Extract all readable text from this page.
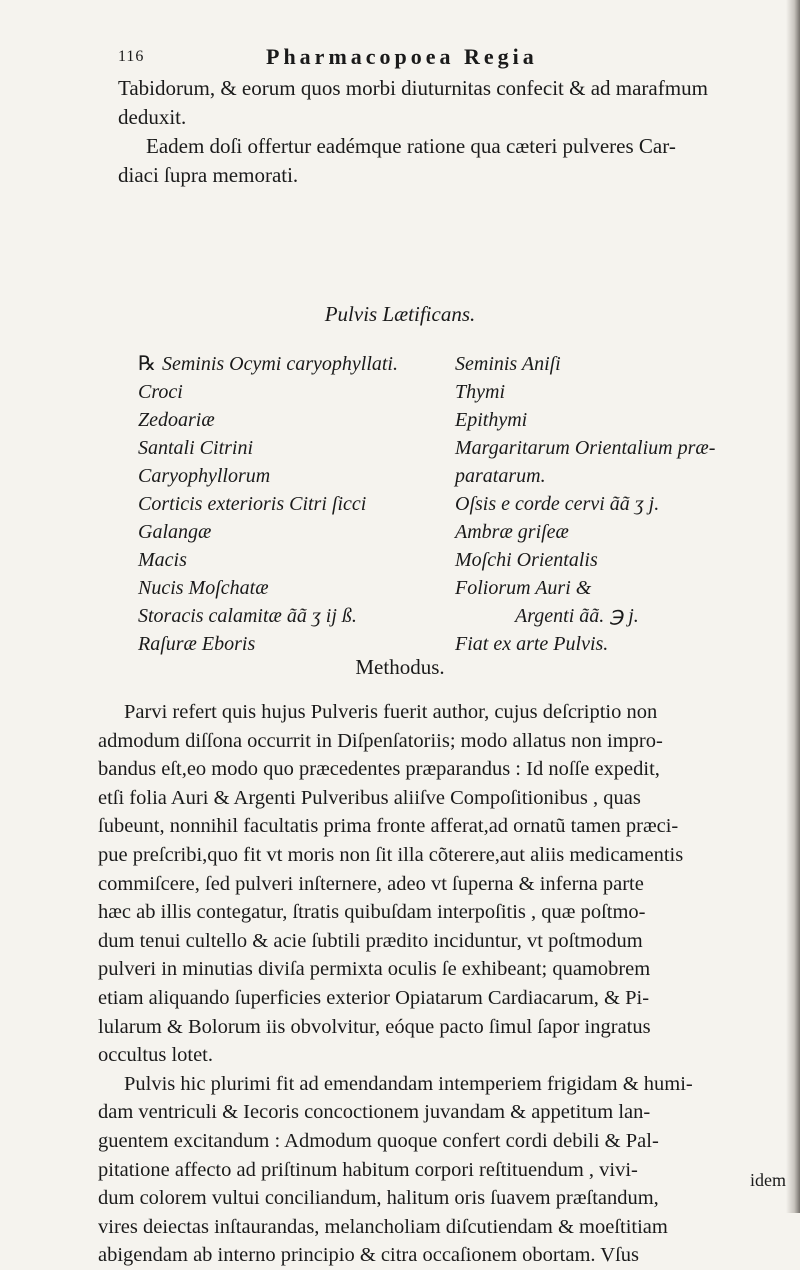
116	Pharmacopoea Regia

Tabidorum, & eorum quos morbi diuturnitas confecit & ad marafmum

deduxit.

Eadem doſi offertur eadémque ratione qua cæteri pulveres Car-

diaci ſupra memorati.

Pulvis Lætificans.
℞ Seminis Ocymi caryophyllati.
Croci
Zedoariæ
Santali Citrini
Caryophyllorum
Corticis exterioris Citri ſicci
Galangæ
Macis
Nucis Moſchatæ
Storacis calamitæ ãã ʒ ij ß.
Raſuræ Eboris
Seminis Aniſi
Thymi
Epithymi
Margaritarum Orientalium præ-
paratarum.
Oſsis e corde cervi ãã ʒ j.
Ambræ griſeæ
Moſchi Orientalis
Foliorum Auri &
Argenti ãã. ℈ j.
Fiat ex arte Pulvis.
Methodus.
Parvi refert quis hujus Pulveris fuerit author, cujus deſcriptio non
admodum diſſona occurrit in Diſpenſatoriis; modo allatus non impro-
bandus eſt,eo modo quo præcedentes præparandus : Id noſſe expedit,
etſi folia Auri & Argenti Pulveribus aliiſve Compoſitionibus , quas
ſubeunt, nonnihil facultatis prima fronte afferat,ad ornatũ tamen præci-
pue preſcribi,quo fit vt moris non ſit illa cõterere,aut aliis medicamentis
commiſcere, ſed pulveri inſternere, adeo vt ſuperna & inferna parte
hæc ab illis contegatur, ſtratis quibuſdam interpoſitis , quæ poſtmo-
dum tenui cultello & acie ſubtili prædito inciduntur, vt poſtmodum
pulveri in minutias diviſa permixta oculis ſe exhibeant; quamobrem
etiam aliquando ſuperficies exterior Opiatarum Cardiacarum, & Pi-
lularum & Bolorum iis obvolvitur, eóque pacto ſimul ſapor ingratus
occultus lotet.
Pulvis hic plurimi fit ad emendandam intemperiem frigidam & humi-
dam ventriculi & Iecoris concoctionem juvandam & appetitum lan-
guentem excitandum : Admodum quoque confert cordi debili & Pal-
pitatione affecto ad priſtinum habitum corpori reſtituendum , vivi-
dum colorem vultui conciliandum, halitum oris ſuavem præſtandum,
vires deiectas inſtaurandas, melancholiam diſcutiendam & moeſtitiam
abigendam ab interno principio & citra occaſionem obortam. Vſus
idem
